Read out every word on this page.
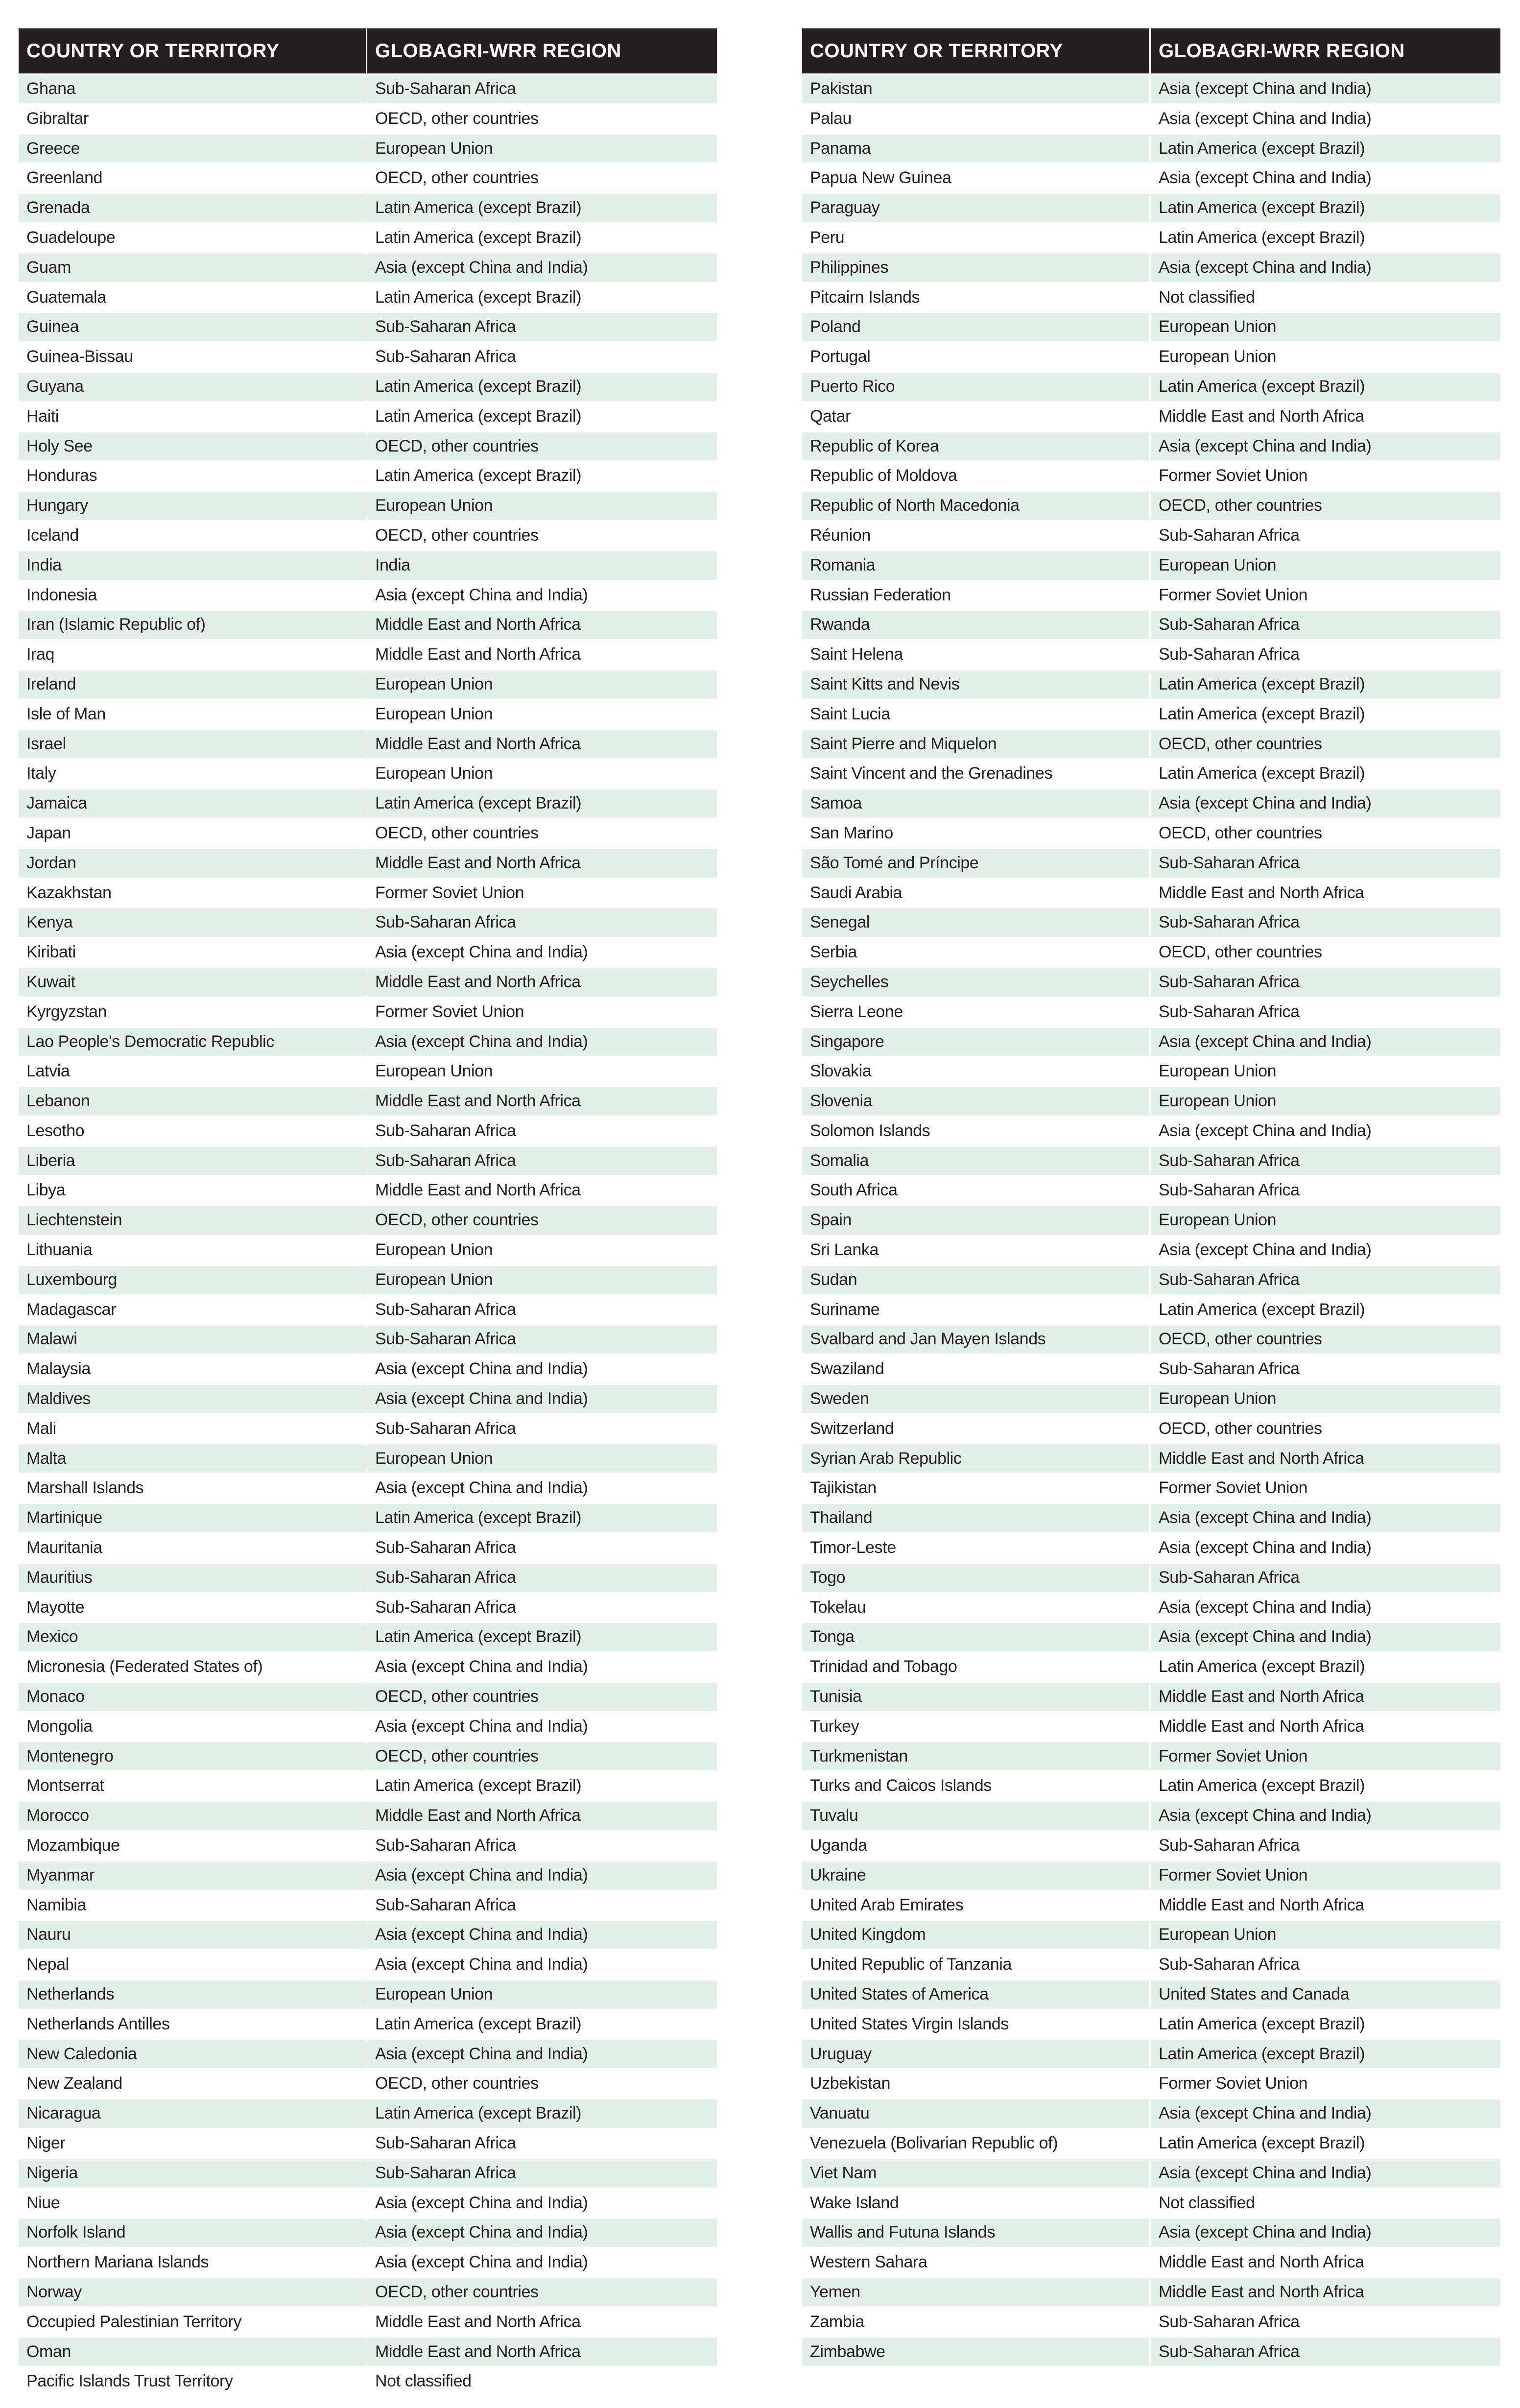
COUNTRY OR TERRITORY	GLOBAGRI-WRR REGION
Ghana	Sub-Saharan Africa
Gibraltar	OECD, other countries
Greece	European Union
Greenland	OECD, other countries
Grenada	Latin America (except Brazil)
Guadeloupe	Latin America (except Brazil)
Guam	Asia (except China and India)
Guatemala	Latin America (except Brazil)
Guinea	Sub-Saharan Africa
Guinea-Bissau	Sub-Saharan Africa
Guyana	Latin America (except Brazil)
Haiti	Latin America (except Brazil)
Holy See	OECD, other countries
Honduras	Latin America (except Brazil)
Hungary	European Union
Iceland	OECD, other countries
India	India
Indonesia	Asia (except China and India)
Iran (Islamic Republic of)	Middle East and North Africa
Iraq	Middle East and North Africa
Ireland	European Union
Isle of Man	European Union
Israel	Middle East and North Africa
Italy	European Union
Jamaica	Latin America (except Brazil)
Japan	OECD, other countries
Jordan	Middle East and North Africa
Kazakhstan	Former Soviet Union
Kenya	Sub-Saharan Africa
Kiribati	Asia (except China and India)
Kuwait	Middle East and North Africa
Kyrgyzstan	Former Soviet Union
Lao People's Democratic Republic	Asia (except China and India)
Latvia	European Union
Lebanon	Middle East and North Africa
Lesotho	Sub-Saharan Africa
Liberia	Sub-Saharan Africa
Libya	Middle East and North Africa
Liechtenstein	OECD, other countries
Lithuania	European Union
Luxembourg	European Union
Madagascar	Sub-Saharan Africa
Malawi	Sub-Saharan Africa
Malaysia	Asia (except China and India)
Maldives	Asia (except China and India)
Mali	Sub-Saharan Africa
Malta	European Union
Marshall Islands	Asia (except China and India)
Martinique	Latin America (except Brazil)
Mauritania	Sub-Saharan Africa
Mauritius	Sub-Saharan Africa
Mayotte	Sub-Saharan Africa
Mexico	Latin America (except Brazil)
Micronesia (Federated States of)	Asia (except China and India)
Monaco	OECD, other countries
Mongolia	Asia (except China and India)
Montenegro	OECD, other countries
Montserrat	Latin America (except Brazil)
Morocco	Middle East and North Africa
Mozambique	Sub-Saharan Africa
Myanmar	Asia (except China and India)
Namibia	Sub-Saharan Africa
Nauru	Asia (except China and India)
Nepal	Asia (except China and India)
Netherlands	European Union
Netherlands Antilles	Latin America (except Brazil)
New Caledonia	Asia (except China and India)
New Zealand	OECD, other countries
Nicaragua	Latin America (except Brazil)
Niger	Sub-Saharan Africa
Nigeria	Sub-Saharan Africa
Niue	Asia (except China and India)
Norfolk Island	Asia (except China and India)
Northern Mariana Islands	Asia (except China and India)
Norway	OECD, other countries
Occupied Palestinian Territory	Middle East and North Africa
Oman	Middle East and North Africa
Pacific Islands Trust Territory	Not classified
COUNTRY OR TERRITORY	GLOBAGRI-WRR REGION
Pakistan	Asia (except China and India)
Palau	Asia (except China and India)
Panama	Latin America (except Brazil)
Papua New Guinea	Asia (except China and India)
Paraguay	Latin America (except Brazil)
Peru	Latin America (except Brazil)
Philippines	Asia (except China and India)
Pitcairn Islands	Not classified
Poland	European Union
Portugal	European Union
Puerto Rico	Latin America (except Brazil)
Qatar	Middle East and North Africa
Republic of Korea	Asia (except China and India)
Republic of Moldova	Former Soviet Union
Republic of North Macedonia	OECD, other countries
Réunion	Sub-Saharan Africa
Romania	European Union
Russian Federation	Former Soviet Union
Rwanda	Sub-Saharan Africa
Saint Helena	Sub-Saharan Africa
Saint Kitts and Nevis	Latin America (except Brazil)
Saint Lucia	Latin America (except Brazil)
Saint Pierre and Miquelon	OECD, other countries
Saint Vincent and the Grenadines	Latin America (except Brazil)
Samoa	Asia (except China and India)
San Marino	OECD, other countries
São Tomé and Príncipe	Sub-Saharan Africa
Saudi Arabia	Middle East and North Africa
Senegal	Sub-Saharan Africa
Serbia	OECD, other countries
Seychelles	Sub-Saharan Africa
Sierra Leone	Sub-Saharan Africa
Singapore	Asia (except China and India)
Slovakia	European Union
Slovenia	European Union
Solomon Islands	Asia (except China and India)
Somalia	Sub-Saharan Africa
South Africa	Sub-Saharan Africa
Spain	European Union
Sri Lanka	Asia (except China and India)
Sudan	Sub-Saharan Africa
Suriname	Latin America (except Brazil)
Svalbard and Jan Mayen Islands	OECD, other countries
Swaziland	Sub-Saharan Africa
Sweden	European Union
Switzerland	OECD, other countries
Syrian Arab Republic	Middle East and North Africa
Tajikistan	Former Soviet Union
Thailand	Asia (except China and India)
Timor-Leste	Asia (except China and India)
Togo	Sub-Saharan Africa
Tokelau	Asia (except China and India)
Tonga	Asia (except China and India)
Trinidad and Tobago	Latin America (except Brazil)
Tunisia	Middle East and North Africa
Turkey	Middle East and North Africa
Turkmenistan	Former Soviet Union
Turks and Caicos Islands	Latin America (except Brazil)
Tuvalu	Asia (except China and India)
Uganda	Sub-Saharan Africa
Ukraine	Former Soviet Union
United Arab Emirates	Middle East and North Africa
United Kingdom	European Union
United Republic of Tanzania	Sub-Saharan Africa
United States of America	United States and Canada
United States Virgin Islands	Latin America (except Brazil)
Uruguay	Latin America (except Brazil)
Uzbekistan	Former Soviet Union
Vanuatu	Asia (except China and India)
Venezuela (Bolivarian Republic of)	Latin America (except Brazil)
Viet Nam	Asia (except China and India)
Wake Island	Not classified
Wallis and Futuna Islands	Asia (except China and India)
Western Sahara	Middle East and North Africa
Yemen	Middle East and North Africa
Zambia	Sub-Saharan Africa
Zimbabwe	Sub-Saharan Africa
